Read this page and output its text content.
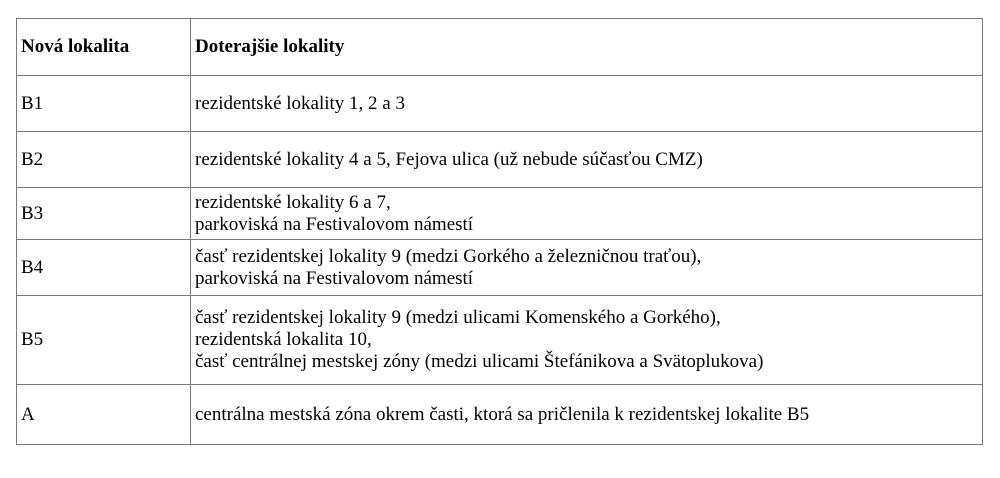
Nová lokalita	Doterajšie lokality
B1	rezidentské lokality 1, 2 a 3

B2	rezidentské lokality 4 a 5, Fejova ulica (už nebude súčasťou CMZ)

B3	rezidentské lokality 6 a 7,
parkoviská na Festivalovom námestí

B4	časť rezidentskej lokality 9 (medzi Gorkého a železničnou traťou),
parkoviská na Festivalovom námestí

B5	časť rezidentskej lokality 9 (medzi ulicami Komenského a Gorkého),
rezidentská lokalita 10,
časť centrálnej mestskej zóny (medzi ulicami Štefánikova a Svätoplukova)

A	centrálna mestská zóna okrem časti, ktorá sa pričlenila k rezidentskej lokalite B5
